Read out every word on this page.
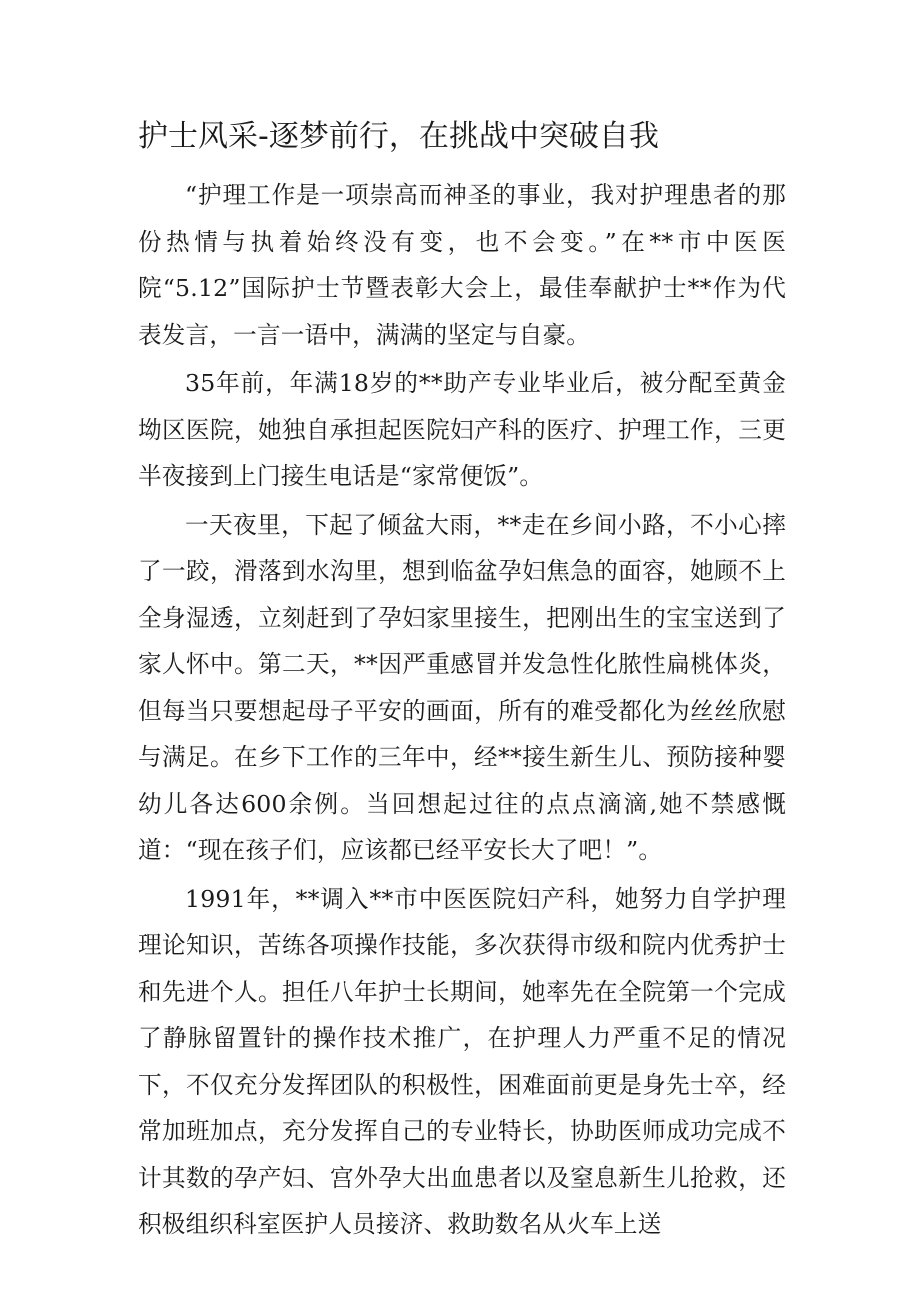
护士风采-逐梦前行，在挑战中突破自我

“护理工作是一项崇高而神圣的事业，我对护理患者的那份热情与执着始终没有变，也不会变。”在**市中医医院“5.12”国际护士节暨表彰大会上，最佳奉献护士**作为代表发言，一言一语中，满满的坚定与自豪。

35年前，年满18岁的**助产专业毕业后，被分配至黄金坳区医院，她独自承担起医院妇产科的医疗、护理工作，三更半夜接到上门接生电话是“家常便饭”。

一天夜里，下起了倾盆大雨，**走在乡间小路，不小心摔了一跤，滑落到水沟里，想到临盆孕妇焦急的面容，她顾不上全身湿透，立刻赶到了孕妇家里接生，把刚出生的宝宝送到了家人怀中。第二天，**因严重感冒并发急性化脓性扁桃体炎，但每当只要想起母子平安的画面，所有的难受都化为丝丝欣慰与满足。在乡下工作的三年中，经**接生新生儿、预防接种婴幼儿各达600余例。当回想起过往的点点滴滴,她不禁感慨道：“现在孩子们，应该都已经平安长大了吧！”。

1991年，**调入**市中医医院妇产科，她努力自学护理理论知识，苦练各项操作技能，多次获得市级和院内优秀护士和先进个人。担任八年护士长期间，她率先在全院第一个完成了静脉留置针的操作技术推广，在护理人力严重不足的情况下，不仅充分发挥团队的积极性，困难面前更是身先士卒，经常加班加点，充分发挥自己的专业特长，协助医师成功完成不计其数的孕产妇、宫外孕大出血患者以及窒息新生儿抢救，还积极组织科室医护人员接济、救助数名从火车上送
